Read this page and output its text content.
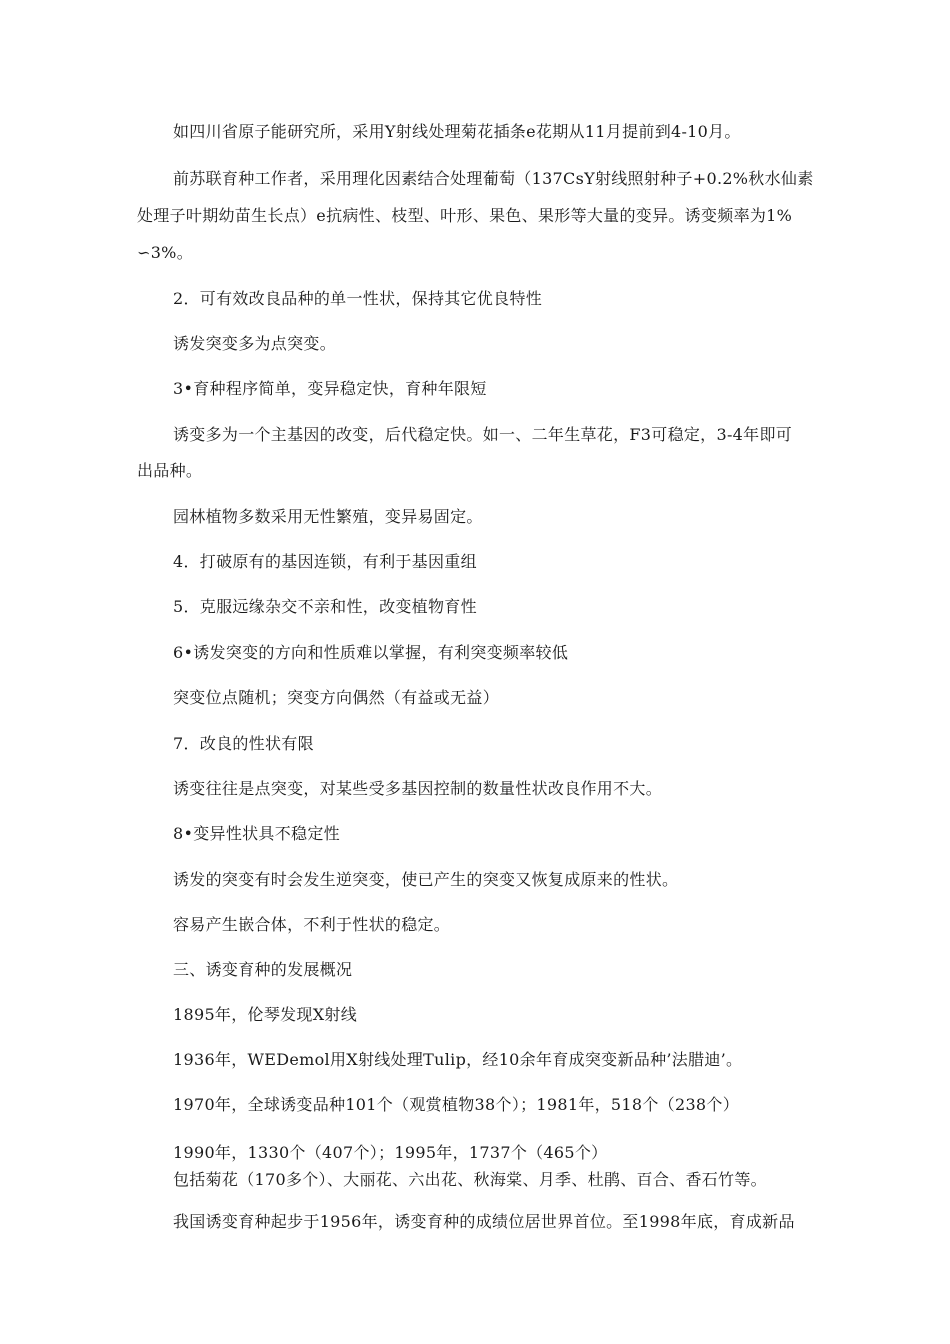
如四川省原子能研究所，采用Y射线处理菊花插条e花期从11月提前到4-10月。
前苏联育种工作者，采用理化因素结合处理葡萄（137CsY射线照射种子+0.2%秋水仙素
处理子叶期幼苗生长点）e抗病性、枝型、叶形、果色、果形等大量的变异。诱变频率为1%
∽3%。
2．可有效改良品种的单一性状，保持其它优良特性
诱发突变多为点突变。
3•育种程序简单，变异稳定快，育种年限短
诱变多为一个主基因的改变，后代稳定快。如一、二年生草花，F3可稳定，3-4年即可
出品种。
园林植物多数采用无性繁殖，变异易固定。
4．打破原有的基因连锁，有利于基因重组
5．克服远缘杂交不亲和性，改变植物育性
6•诱发突变的方向和性质难以掌握，有利突变频率较低
突变位点随机；突变方向偶然（有益或无益）
7．改良的性状有限
诱变往往是点突变，对某些受多基因控制的数量性状改良作用不大。
8•变异性状具不稳定性
诱发的突变有时会发生逆突变，使已产生的突变又恢复成原来的性状。
容易产生嵌合体，不利于性状的稳定。
三、诱变育种的发展概况
1895年，伦琴发现X射线
1936年，WEDemol用X射线处理Tulip，经10余年育成突变新品种’法腊迪’。
1970年，全球诱变品种101个（观赏植物38个）；1981年，518个（238个）
1990年，1330个（407个）；1995年，1737个（465个）
包括菊花（170多个）、大丽花、六出花、秋海棠、月季、杜鹃、百合、香石竹等。
我国诱变育种起步于1956年，诱变育种的成绩位居世界首位。至1998年底，育成新品
